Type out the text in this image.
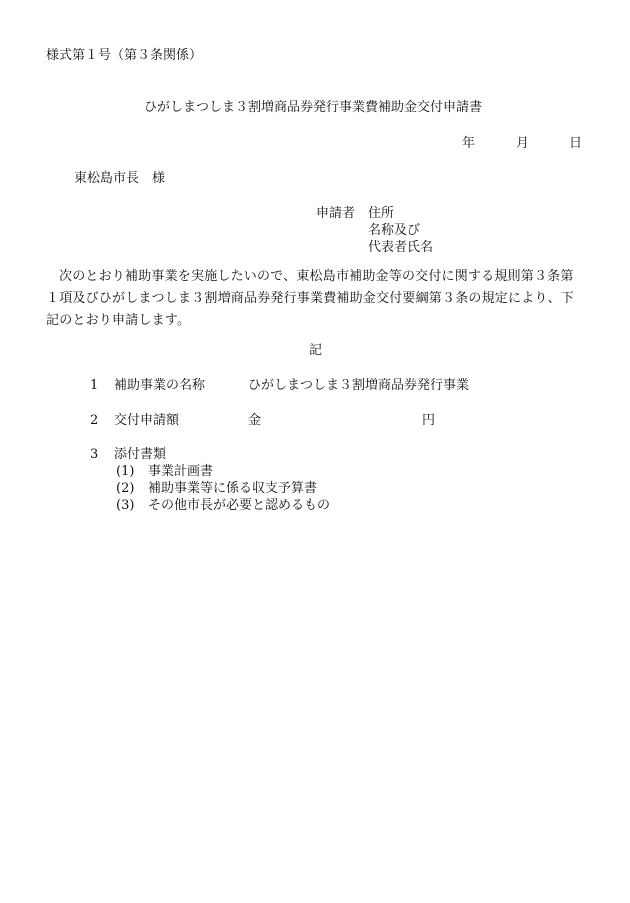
様式第１号（第３条関係）
ひがしまつしま３割増商品券発行事業費補助金交付申請書
年	月	日
東松島市長　様
申請者 住所
名称及び
代表者氏名
次のとおり補助事業を実施したいので、東松島市補助金等の交付に関する規則第３条第１項及びひがしまつしま３割増商品券発行事業費補助金交付要綱第３条の規定により、下記のとおり申請します。
記
1 補助事業の名称	ひがしまつしま３割増商品券発行事業
2 交付申請額	金	円
3 添付書類
(1) 事業計画書
(2) 補助事業等に係る収支予算書
(3) その他市長が必要と認めるもの
